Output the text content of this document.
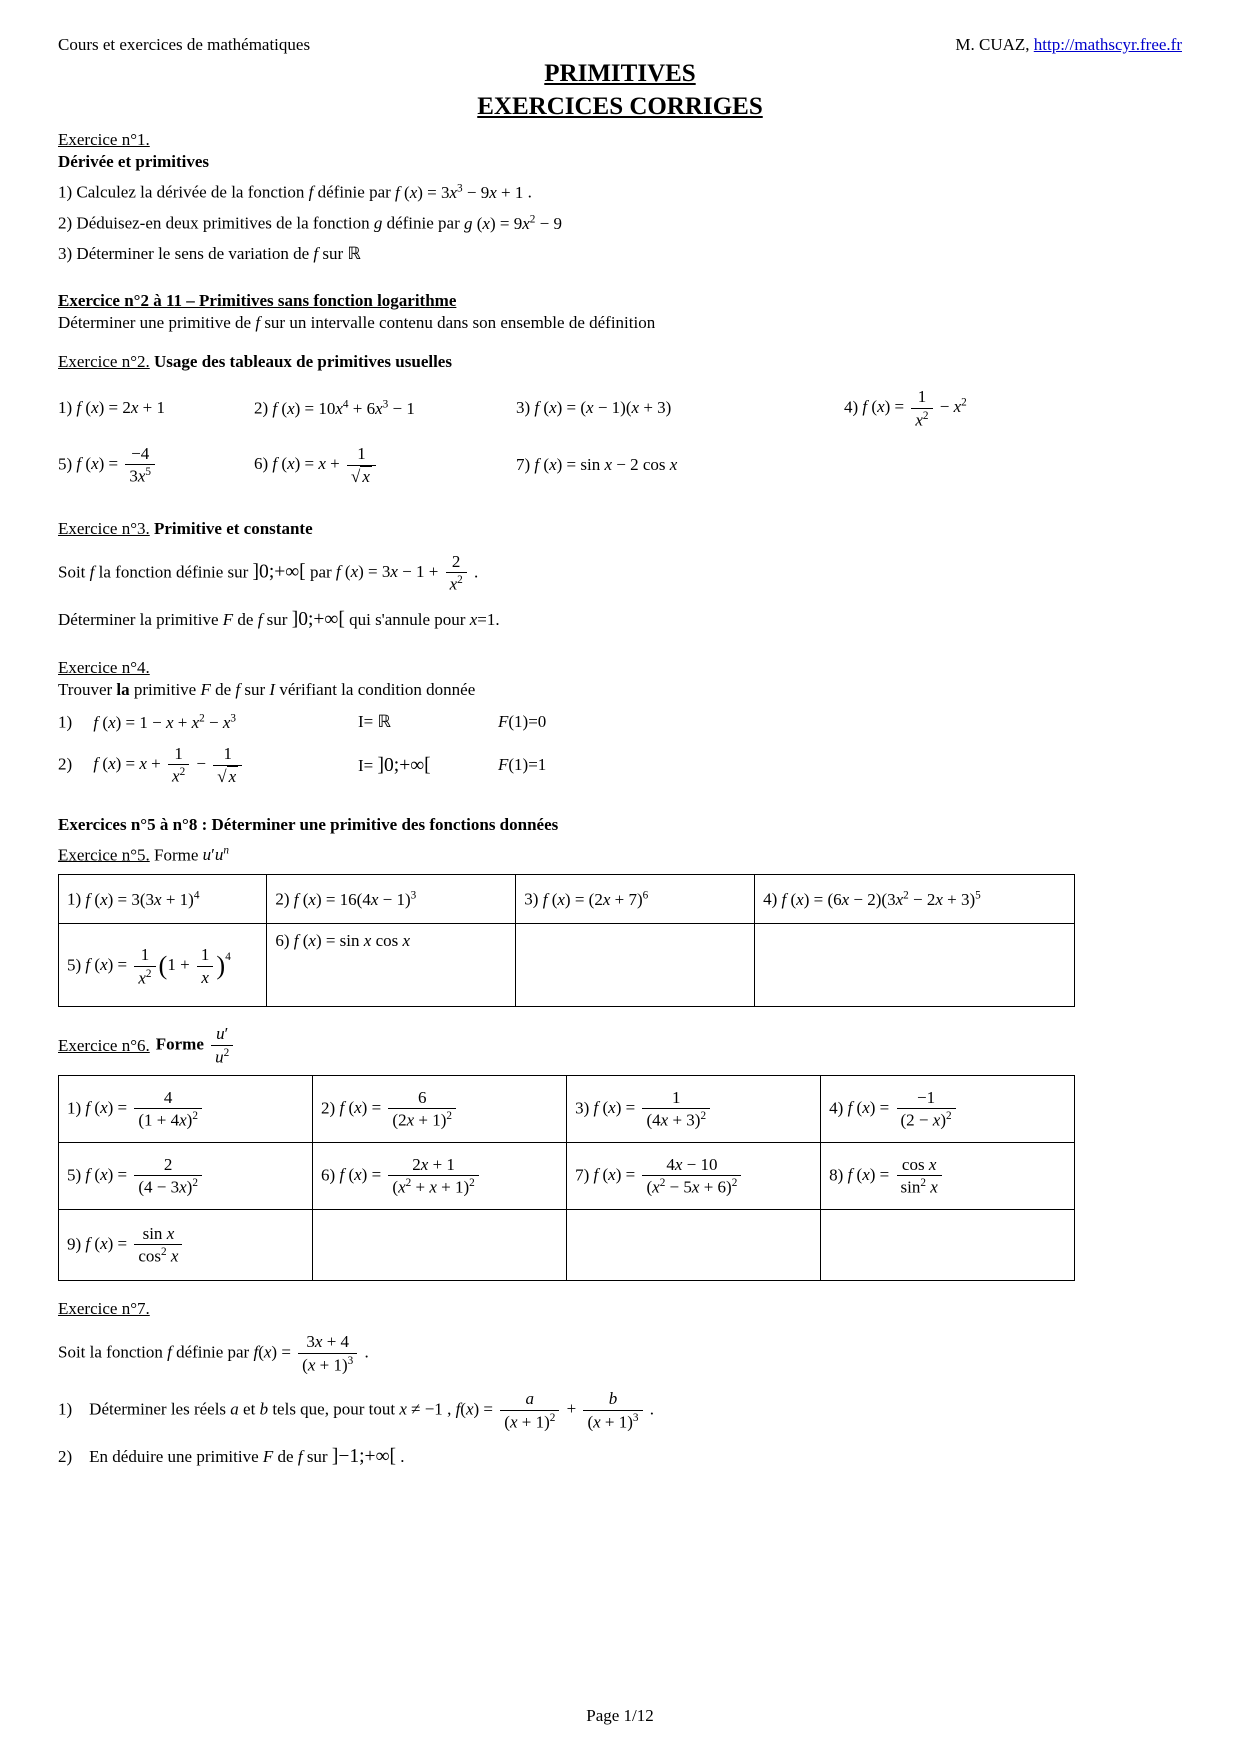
Cours et exercices de mathématiques	M. CUAZ, http://mathscyr.free.fr
PRIMITIVES
EXERCICES CORRIGES
Exercice n°1.
Dérivée et primitives
1) Calculez la dérivée de la fonction f définie par f $(x) = 3x^3 - 9x + 1$ .
2) Déduisez-en deux primitives de la fonction g définie par g $(x) = 9x^2 - 9$
3) Déterminer le sens de variation de f sur ℝ
Exercice n°2 à 11 – Primitives sans fonction logarithme
Déterminer une primitive de f sur un intervalle contenu dans son ensemble de définition
Exercice n°2. Usage des tableaux de primitives usuelles
1) f (x) = 2x + 1	2) f $(x) = 10x^4 + 6x^3 - 1$	3) f (x) = (x − 1)(x + 3)	4) f $(x) = \frac{1}{x^2} - x^2$
5) f $(x) = \frac{-4}{3x^5}$	6) f $(x) = x + \frac{1}{√ x}$	7) f (x) = sin x − 2 cos x
Exercice n°3. Primitive et constante
Soit f la fonction définie sur ]0;+∞[ par f $(x) = 3x - 1 + \frac{2}{x^2}$ .
Déterminer la primitive F de f sur ]0;+∞[ qui s'annule pour x=1.
Exercice n°4.
Trouver la primitive F de f sur I vérifiant la condition donnée
1)  f $(x) = 1 - x + x^2 - x^3$	I= ℝ	F(1)=0
2)  f $(x) = x + \frac{1}{x^2} - \frac{1}{√ x}$	I= ]0;+∞[	F(1)=1
Exercices n°5 à n°8 : Déterminer une primitive des fonctions données
Exercice n°5. Forme $u'u^n$
1) f $(x) = 3(3x + 1)^4$	2) f $(x) = 16(4x - 1)^3$	3) f $(x) = (2x + 7)^6$	4) f $(x) = (6x - 2)(3x^2 - 2x + 3)^5$
5) f $(x) = \frac{1}{x^2} (1 + \frac{1}{x} )^4$	6) f (x) = sin x cos x		
Exercice n°6. Forme $\frac{u'}{u^2}$
1) f $(x) = \frac{4}{(1 + 4x)^2}$	2) f $(x) = \frac{6}{(2x + 1)^2}$	3) f $(x) = \frac{1}{(4x + 3)^2}$	4) f $(x) = \frac{-1}{(2 - x)^2}$

5) f $(x) = \frac{2}{(4 - 3x)^2}$	6) f $(x) = \frac{2x + 1}{(x^2 + x + 1)^2}$	7) f $(x) = \frac{4x - 10}{(x^2 - 5x + 6)^2}$	8) f $(x) = \frac{\text{cos x}}{\sin^2 x}$

9) f $(x) = \frac{\text{sin x}}{\cos^2 x}$

Exercice n°7.
Soit la fonction f définie par $f(x) = \frac{3x + 4}{(x + 1)^3}$ .
1) Déterminer les réels a et b tels que, pour tout x ≠ −1 , $f(x) = \frac{a}{(x + 1)^2} + \frac{b}{(x + 1)^3}$ .
2) En déduire une primitive F de f sur ]−1;+∞[ .
Page 1/12
